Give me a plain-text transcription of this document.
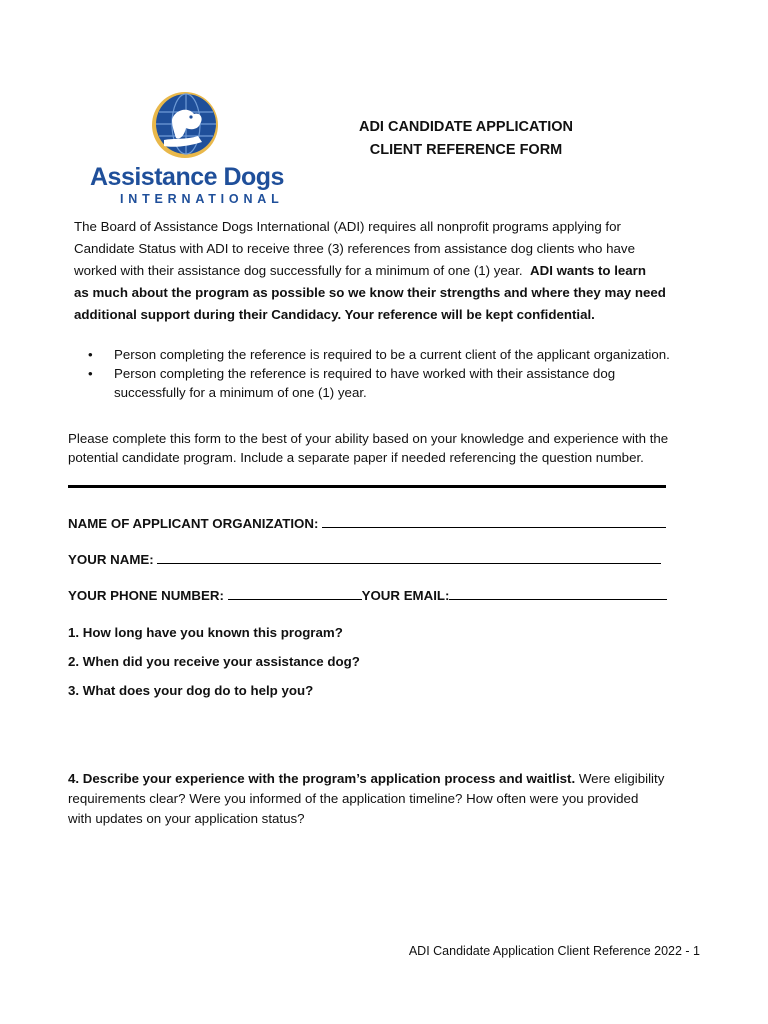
Assistance Dogs
INTERNATIONAL
ADI CANDIDATE APPLICATION
CLIENT REFERENCE FORM
The Board of Assistance Dogs International (ADI) requires all nonprofit programs applying for
Candidate Status with ADI to receive three (3) references from assistance dog clients who have
worked with their assistance dog successfully for a minimum of one (1) year. ADI wants to learn
as much about the program as possible so we know their strengths and where they may need
additional support during their Candidacy. Your reference will be kept confidential.
• Person completing the reference is required to be a current client of the applicant organization.
• Person completing the reference is required to have worked with their assistance dog
successfully for a minimum of one (1) year.
Please complete this form to the best of your ability based on your knowledge and experience with the
potential candidate program. Include a separate paper if needed referencing the question number.
NAME OF APPLICANT ORGANIZATION:
YOUR NAME:
YOUR PHONE NUMBER:	YOUR EMAIL:
1. How long have you known this program?
2. When did you receive your assistance dog?
3. What does your dog do to help you?
4. Describe your experience with the program’s application process and waitlist. Were eligibility
requirements clear? Were you informed of the application timeline? How often were you provided
with updates on your application status?
ADI Candidate Application Client Reference 2022 - 1
